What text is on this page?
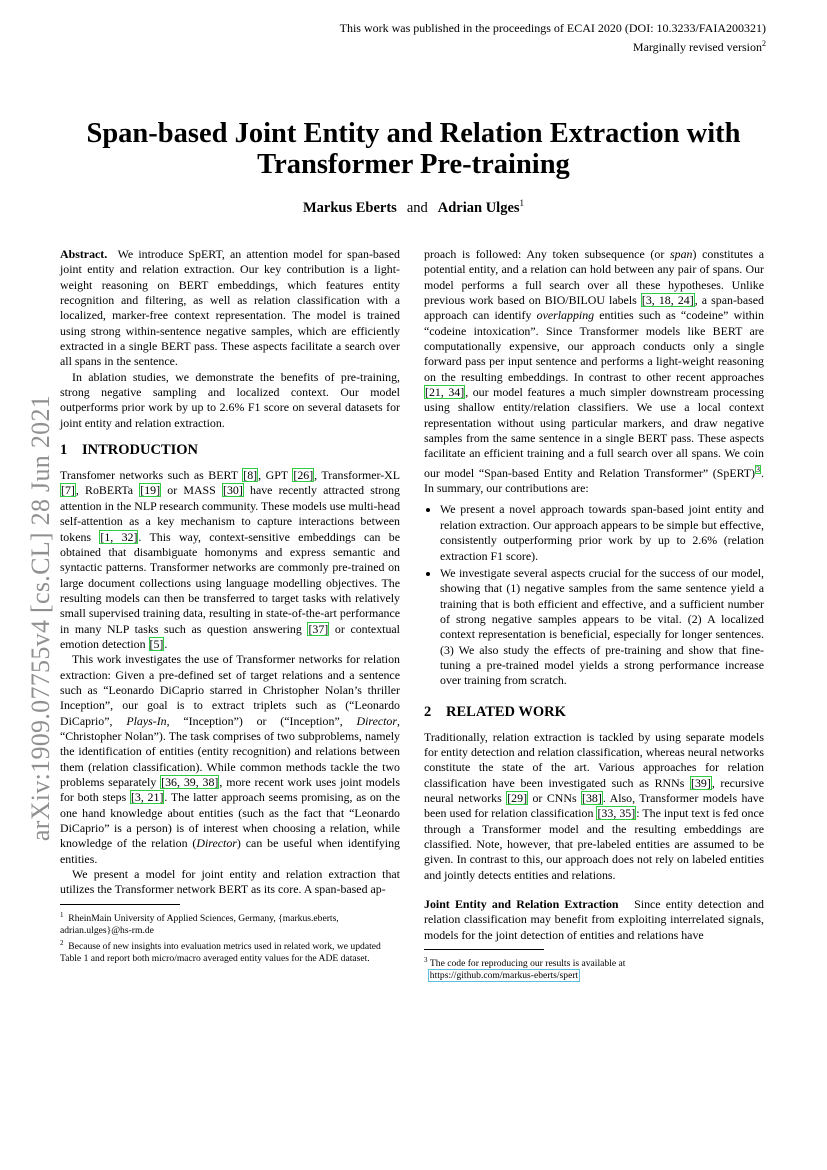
This work was published in the proceedings of ECAI 2020 (DOI: 10.3233/FAIA200321)
Marginally revised version$^2$
arXiv:1909.07755v4 [cs.CL] 28 Jun 2021
Span-based Joint Entity and Relation Extraction with Transformer Pre-training
Markus Eberts and Adrian Ulges$^1$

Abstract. We introduce SpERT, an attention model for span-based joint entity and relation extraction. Our key contribution is a light-weight reasoning on BERT embeddings, which features entity recognition and filtering, as well as relation classification with a localized, marker-free context representation. The model is trained using strong within-sentence negative samples, which are efficiently extracted in a single BERT pass. These aspects facilitate a search over all spans in the sentence.

In ablation studies, we demonstrate the benefits of pre-training, strong negative sampling and localized context. Our model outperforms prior work by up to 2.6% F1 score on several datasets for joint entity and relation extraction.

1 INTRODUCTION

Transfomer networks such as BERT [8], GPT [26], Transformer-XL [7], RoBERTa [19] or MASS [30] have recently attracted strong attention in the NLP research community. These models use multi-head self-attention as a key mechanism to capture interactions between tokens [1, 32]. This way, context-sensitive embeddings can be obtained that disambiguate homonyms and express semantic and syntactic patterns. Transformer networks are commonly pre-trained on large document collections using language modelling objectives. The resulting models can then be transferred to target tasks with relatively small supervised training data, resulting in state-of-the-art performance in many NLP tasks such as question answering [37] or contextual emotion detection [5].

This work investigates the use of Transformer networks for relation extraction: Given a pre-defined set of target relations and a sentence such as “Leonardo DiCaprio starred in Christopher Nolan’s thriller Inception”, our goal is to extract triplets such as (“Leonardo DiCaprio”, Plays-In, “Inception”) or (“Inception”, Director, “Christopher Nolan”). The task comprises of two subproblems, namely the identification of entities (entity recognition) and relations between them (relation classification). While common methods tackle the two problems separately [36, 39, 38], more recent work uses joint models for both steps [3, 21]. The latter approach seems promising, as on the one hand knowledge about entities (such as the fact that “Leonardo DiCaprio” is a person) is of interest when choosing a relation, while knowledge of the relation (Director) can be useful when identifying entities.

We present a model for joint entity and relation extraction that utilizes the Transformer network BERT as its core. A span-based ap-

$^1$ RheinMain University of Applied Sciences, Germany, {markus.eberts, adrian.ulges}@hs-rm.de
$^2$ Because of new insights into evaluation metrics used in related work, we updated Table 1 and report both micro/macro averaged entity values for the ADE dataset.

proach is followed: Any token subsequence (or span) constitutes a potential entity, and a relation can hold between any pair of spans. Our model performs a full search over all these hypotheses. Unlike previous work based on BIO/BILOU labels [3, 18, 24], a span-based approach can identify overlapping entities such as “codeine” within “codeine intoxication”. Since Transformer models like BERT are computationally expensive, our approach conducts only a single forward pass per input sentence and performs a light-weight reasoning on the resulting embeddings. In contrast to other recent approaches [21, 34], our model features a much simpler downstream processing using shallow entity/relation classifiers. We use a local context representation without using particular markers, and draw negative samples from the same sentence in a single BERT pass. These aspects facilitate an efficient training and a full search over all spans. We coin our model “Span-based Entity and Relation Transformer” (SpERT)$^3$. In summary, our contributions are:

• We present a novel approach towards span-based joint entity and relation extraction. Our approach appears to be simple but effective, consistently outperforming prior work by up to 2.6% (relation extraction F1 score).
• We investigate several aspects crucial for the success of our model, showing that (1) negative samples from the same sentence yield a training that is both efficient and effective, and a sufficient number of strong negative samples appears to be vital. (2) A localized context representation is beneficial, especially for longer sentences. (3) We also study the effects of pre-training and show that fine-tuning a pre-trained model yields a strong performance increase over training from scratch.
2 RELATED WORK

Traditionally, relation extraction is tackled by using separate models for entity detection and relation classification, whereas neural networks constitute the state of the art. Various approaches for relation classification have been investigated such as RNNs [39], recursive neural networks [29] or CNNs [38]. Also, Transformer models have been used for relation classification [33, 35]: The input text is fed once through a Transformer model and the resulting embeddings are classified. Note, however, that pre-labeled entities are assumed to be given. In contrast to this, our approach does not rely on labeled entities and jointly detects entities and relations.

Joint Entity and Relation Extraction Since entity detection and relation classification may benefit from exploiting interrelated signals, models for the joint detection of entities and relations have

$^3$ The code for reproducing our results is available at
https://github.com/markus-eberts/spert
